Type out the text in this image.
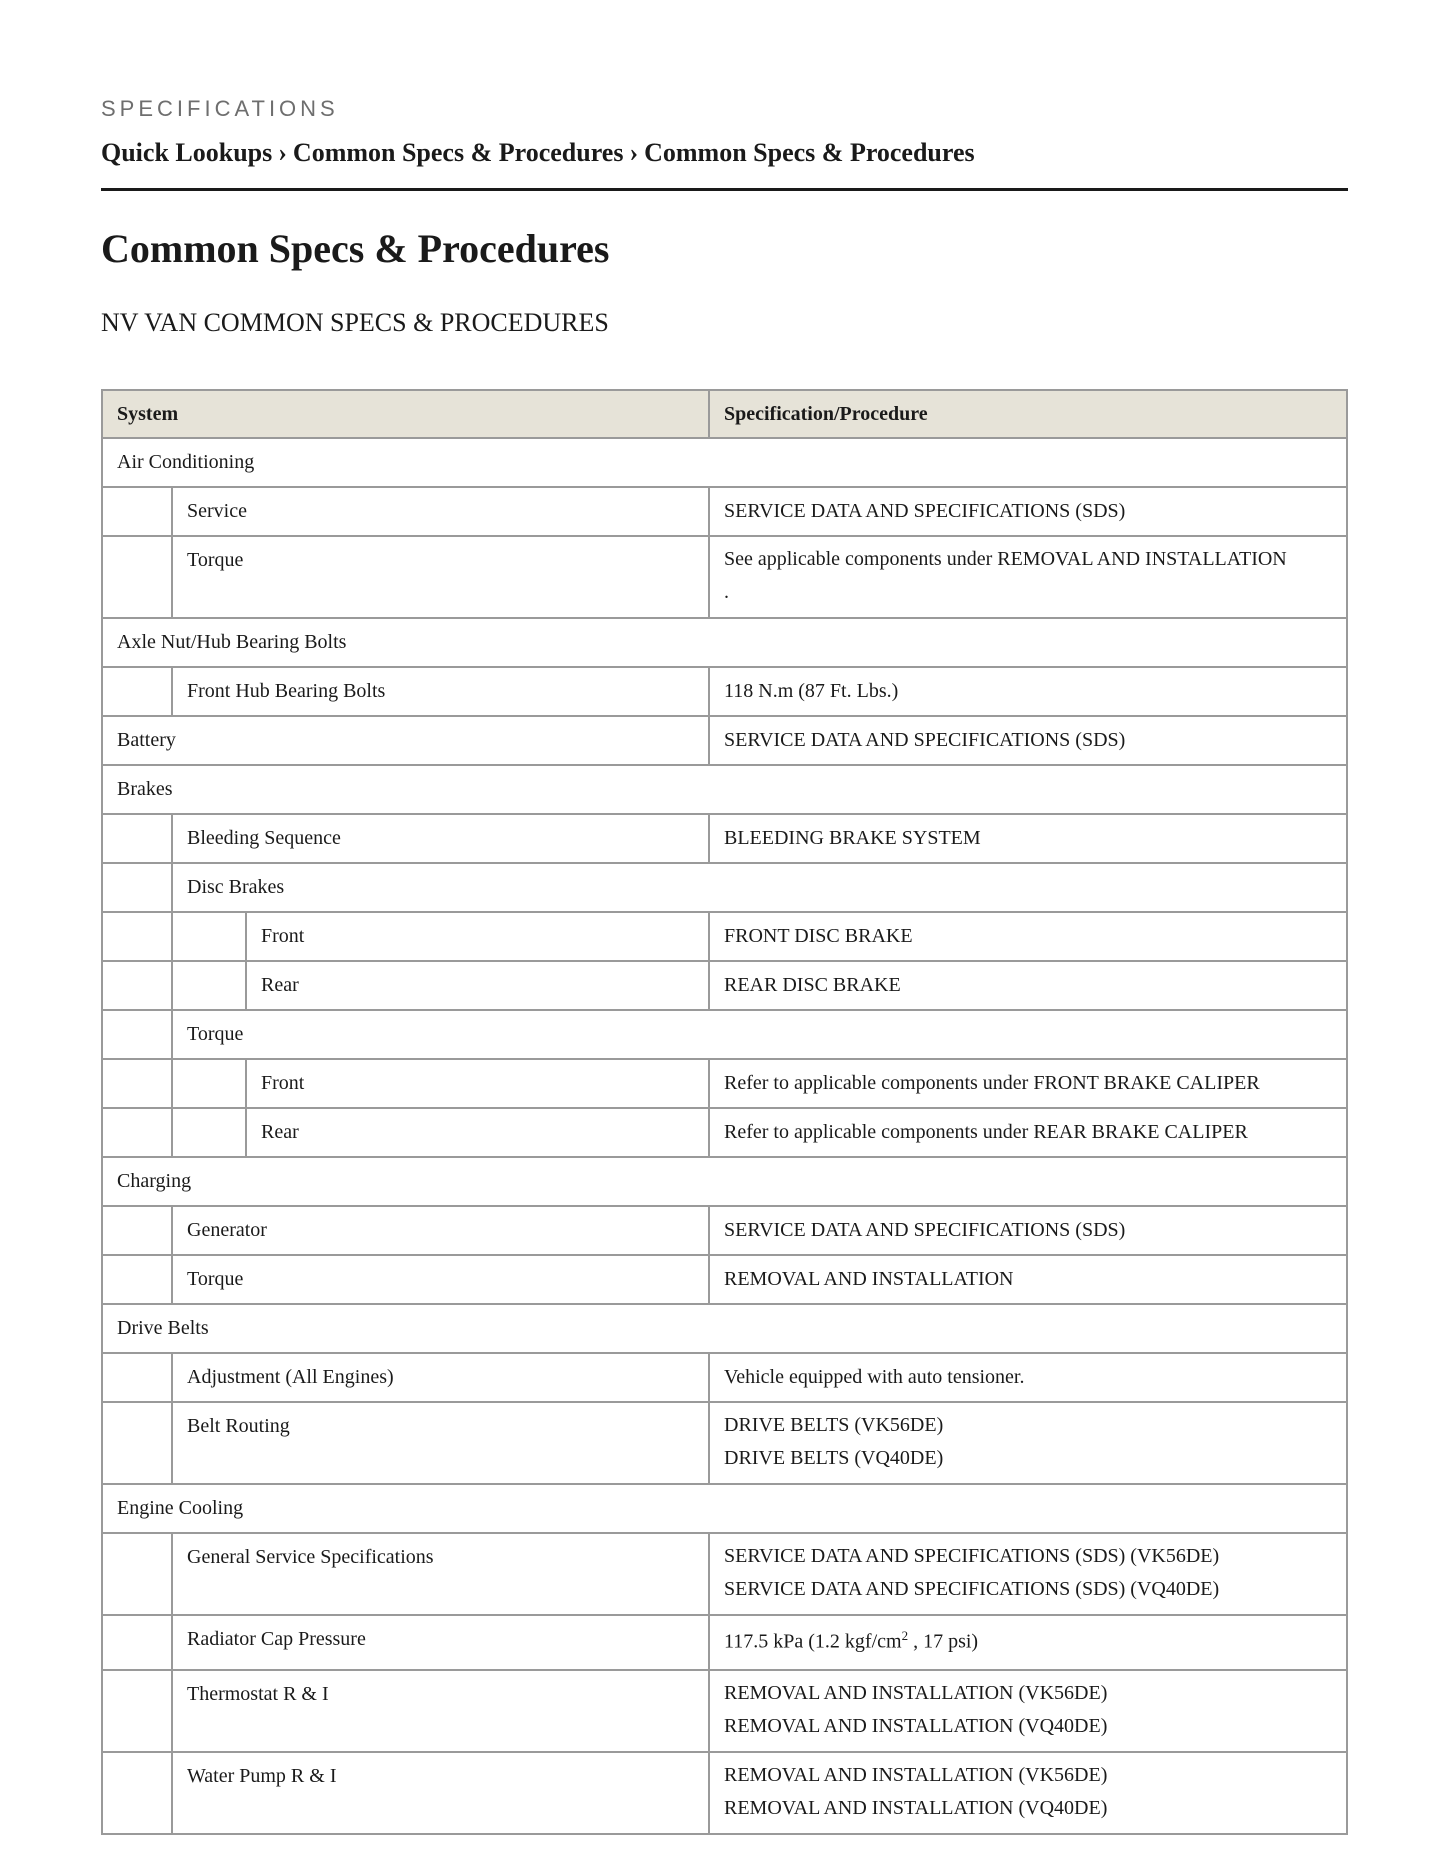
SPECIFICATIONS
Quick Lookups › Common Specs & Procedures › Common Specs & Procedures
Common Specs & Procedures
NV VAN COMMON SPECS & PROCEDURES
System			Specification/Procedure
Air Conditioning			
	Service		SERVICE DATA AND SPECIFICATIONS (SDS)
	Torque		See applicable components under REMOVAL AND INSTALLATION
.

Axle Nut/Hub Bearing Bolts			
	Front Hub Bearing Bolts		118 N.m (87 Ft. Lbs.)
Battery			SERVICE DATA AND SPECIFICATIONS (SDS)
Brakes			
	Bleeding Sequence		BLEEDING BRAKE SYSTEM
	Disc Brakes		
		Front	FRONT DISC BRAKE
		Rear	REAR DISC BRAKE
	Torque		
		Front	Refer to applicable components under FRONT BRAKE CALIPER
		Rear	Refer to applicable components under REAR BRAKE CALIPER
Charging			
	Generator		SERVICE DATA AND SPECIFICATIONS (SDS)
	Torque		REMOVAL AND INSTALLATION
Drive Belts			
	Adjustment (All Engines)		Vehicle equipped with auto tensioner.
	Belt Routing		DRIVE BELTS (VK56DE)
DRIVE BELTS (VQ40DE)

Engine Cooling			
	General Service Specifications		SERVICE DATA AND SPECIFICATIONS (SDS) (VK56DE)
SERVICE DATA AND SPECIFICATIONS (SDS) (VQ40DE)

	Radiator Cap Pressure		117.5 kPa (1.2 kgf/$cm^2$ , 17 psi)
	Thermostat R & I		REMOVAL AND INSTALLATION (VK56DE)
REMOVAL AND INSTALLATION (VQ40DE)

	Water Pump R & I		REMOVAL AND INSTALLATION (VK56DE)
REMOVAL AND INSTALLATION (VQ40DE)
